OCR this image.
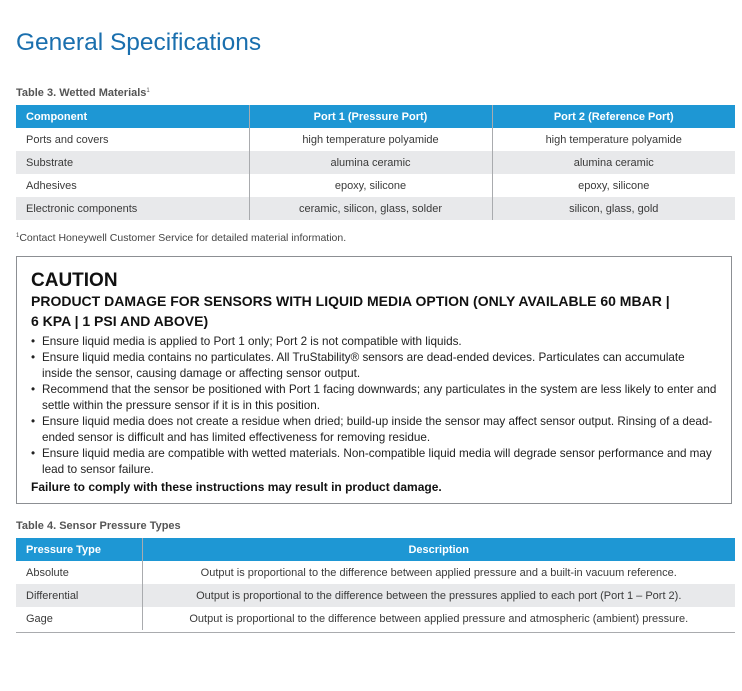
General Specifications
Table 3. Wetted Materials$^1$
Component	Port 1 (Pressure Port)	Port 2 (Reference Port)
Ports and covers	high temperature polyamide	high temperature polyamide
Substrate	alumina ceramic	alumina ceramic
Adhesives	epoxy, silicone	epoxy, silicone
Electronic components	ceramic, silicon, glass, solder	silicon, glass, gold
$^1$Contact Honeywell Customer Service for detailed material information.
CAUTION
PRODUCT DAMAGE FOR SENSORS WITH LIQUID MEDIA OPTION (ONLY AVAILABLE 60 MBAR |
6 KPA | 1 PSI AND ABOVE)
• Ensure liquid media is applied to Port 1 only; Port 2 is not compatible with liquids.
• Ensure liquid media contains no particulates. All TruStability® sensors are dead-ended devices. Particulates can accumulate inside the sensor, causing damage or affecting sensor output.
• Recommend that the sensor be positioned with Port 1 facing downwards; any particulates in the system are less likely to enter and settle within the pressure sensor if it is in this position.
• Ensure liquid media does not create a residue when dried; build-up inside the sensor may affect sensor output. Rinsing of a dead-ended sensor is difficult and has limited effectiveness for removing residue.
• Ensure liquid media are compatible with wetted materials. Non-compatible liquid media will degrade sensor performance and may lead to sensor failure.
Failure to comply with these instructions may result in product damage.
Table 4. Sensor Pressure Types
Pressure Type	Description
Absolute	Output is proportional to the difference between applied pressure and a built-in vacuum reference.
Differential	Output is proportional to the difference between the pressures applied to each port (Port 1 – Port 2).
Gage	Output is proportional to the difference between applied pressure and atmospheric (ambient) pressure.
